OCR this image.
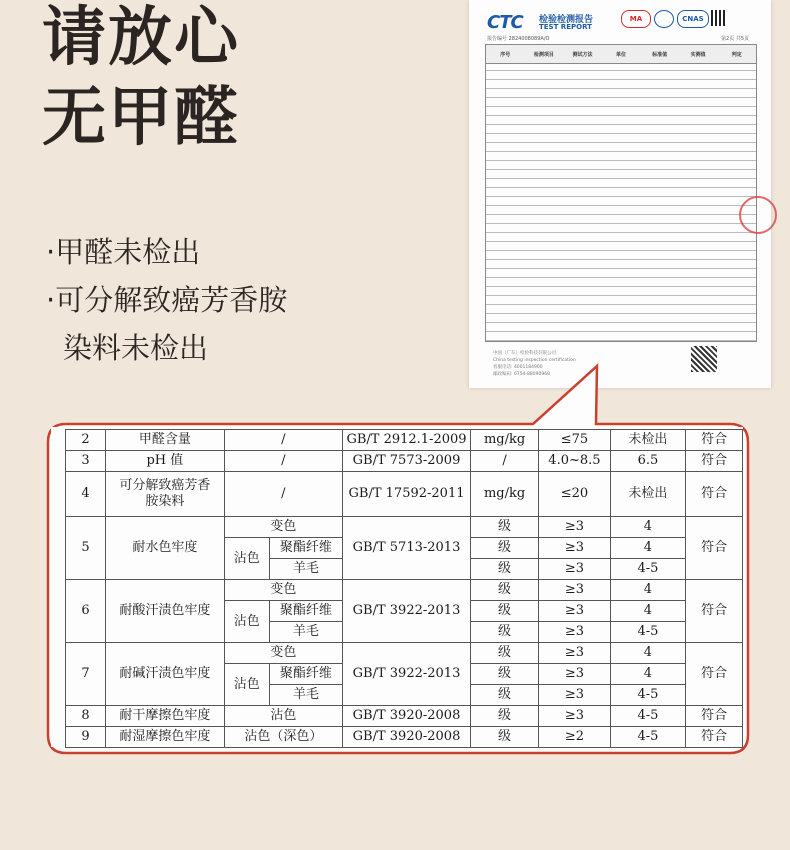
请放心
无甲醛
·甲醛未检出
·可分解致癌芳香胺
染料未检出
CTC 检验检测报告
TEST REPORT
MA	CNAS
报告编号 2824008089A/O	第2页 共5页
序号	检测项目	测试方法	单位	标准值	实测值	判定
中国（广东）检验科技有限公司
China testing inspection certification
客服电话: 4001184900
邮政编码: 6754-88090968
2	甲醛含量	/		GB/T 2912.1-2009	mg/kg	≤75	未检出	符合
3	pH 值	/		GB/T 7573-2009	/	4.0~8.5	6.5	符合
4	可分解致癌芳香胺染料	/		GB/T 17592-2011	mg/kg	≤20	未检出	符合
5	耐水色牢度	变色		GB/T 5713-2013	级	≥3	4	符合
		沾色	聚酯纤维		级	≥3	4	
			羊毛		级	≥3	4-5	
6	耐酸汗渍色牢度	变色		GB/T 3922-2013	级	≥3	4	符合
		沾色	聚酯纤维		级	≥3	4	
			羊毛		级	≥3	4-5	
7	耐碱汗渍色牢度	变色		GB/T 3922-2013	级	≥3	4	符合
		沾色	聚酯纤维		级	≥3	4	
			羊毛		级	≥3	4-5	
8	耐干摩擦色牢度	沾色		GB/T 3920-2008	级	≥3	4-5	符合
9	耐湿摩擦色牢度	沾色（深色）		GB/T 3920-2008	级	≥2	4-5	符合
